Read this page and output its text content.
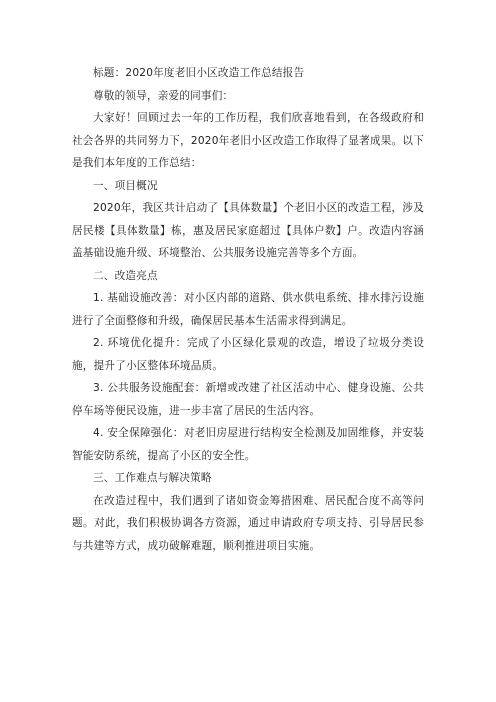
标题：2020年度老旧小区改造工作总结报告

尊敬的领导，亲爱的同事们：

大家好！回顾过去一年的工作历程，我们欣喜地看到，在各级政府和社会各界的共同努力下，2020年老旧小区改造工作取得了显著成果。以下是我们本年度的工作总结：

一、项目概况

2020年，我区共计启动了【具体数量】个老旧小区的改造工程，涉及居民楼【具体数量】栋，惠及居民家庭超过【具体户数】户。改造内容涵盖基础设施升级、环境整治、公共服务设施完善等多个方面。

二、改造亮点

1. 基础设施改善：对小区内部的道路、供水供电系统、排水排污设施进行了全面整修和升级，确保居民基本生活需求得到满足。

2. 环境优化提升：完成了小区绿化景观的改造，增设了垃圾分类设施，提升了小区整体环境品质。

3. 公共服务设施配套：新增或改建了社区活动中心、健身设施、公共停车场等便民设施，进一步丰富了居民的生活内容。

4. 安全保障强化：对老旧房屋进行结构安全检测及加固维修，并安装智能安防系统，提高了小区的安全性。

三、工作难点与解决策略

在改造过程中，我们遇到了诸如资金筹措困难、居民配合度不高等问题。对此，我们积极协调各方资源，通过申请政府专项支持、引导居民参与共建等方式，成功破解难题，顺利推进项目实施。
